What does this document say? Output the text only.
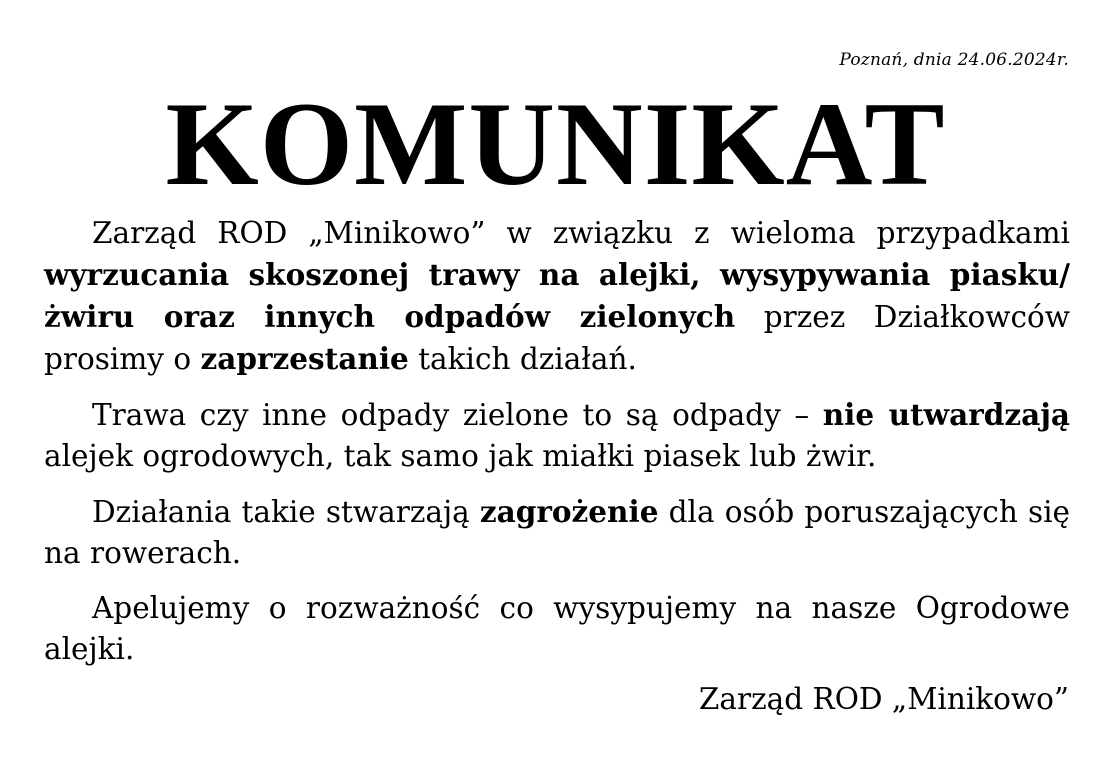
Poznań, dnia 24.06.2024r.
KOMUNIKAT

Zarząd ROD „Minikowo” w związku z wieloma przypadkami wyrzucania skoszonej trawy na alejki, wysypywania piasku/żwiru oraz innych odpadów zielonych przez Działkowców prosimy o zaprzestanie takich działań.

Trawa czy inne odpady zielone to są odpady – nie utwardzają alejek ogrodowych, tak samo jak miałki piasek lub żwir.

Działania takie stwarzają zagrożenie dla osób poruszających się na rowerach.

Apelujemy o rozważność co wysypujemy na nasze Ogrodowe alejki.

Zarząd ROD „Minikowo”
